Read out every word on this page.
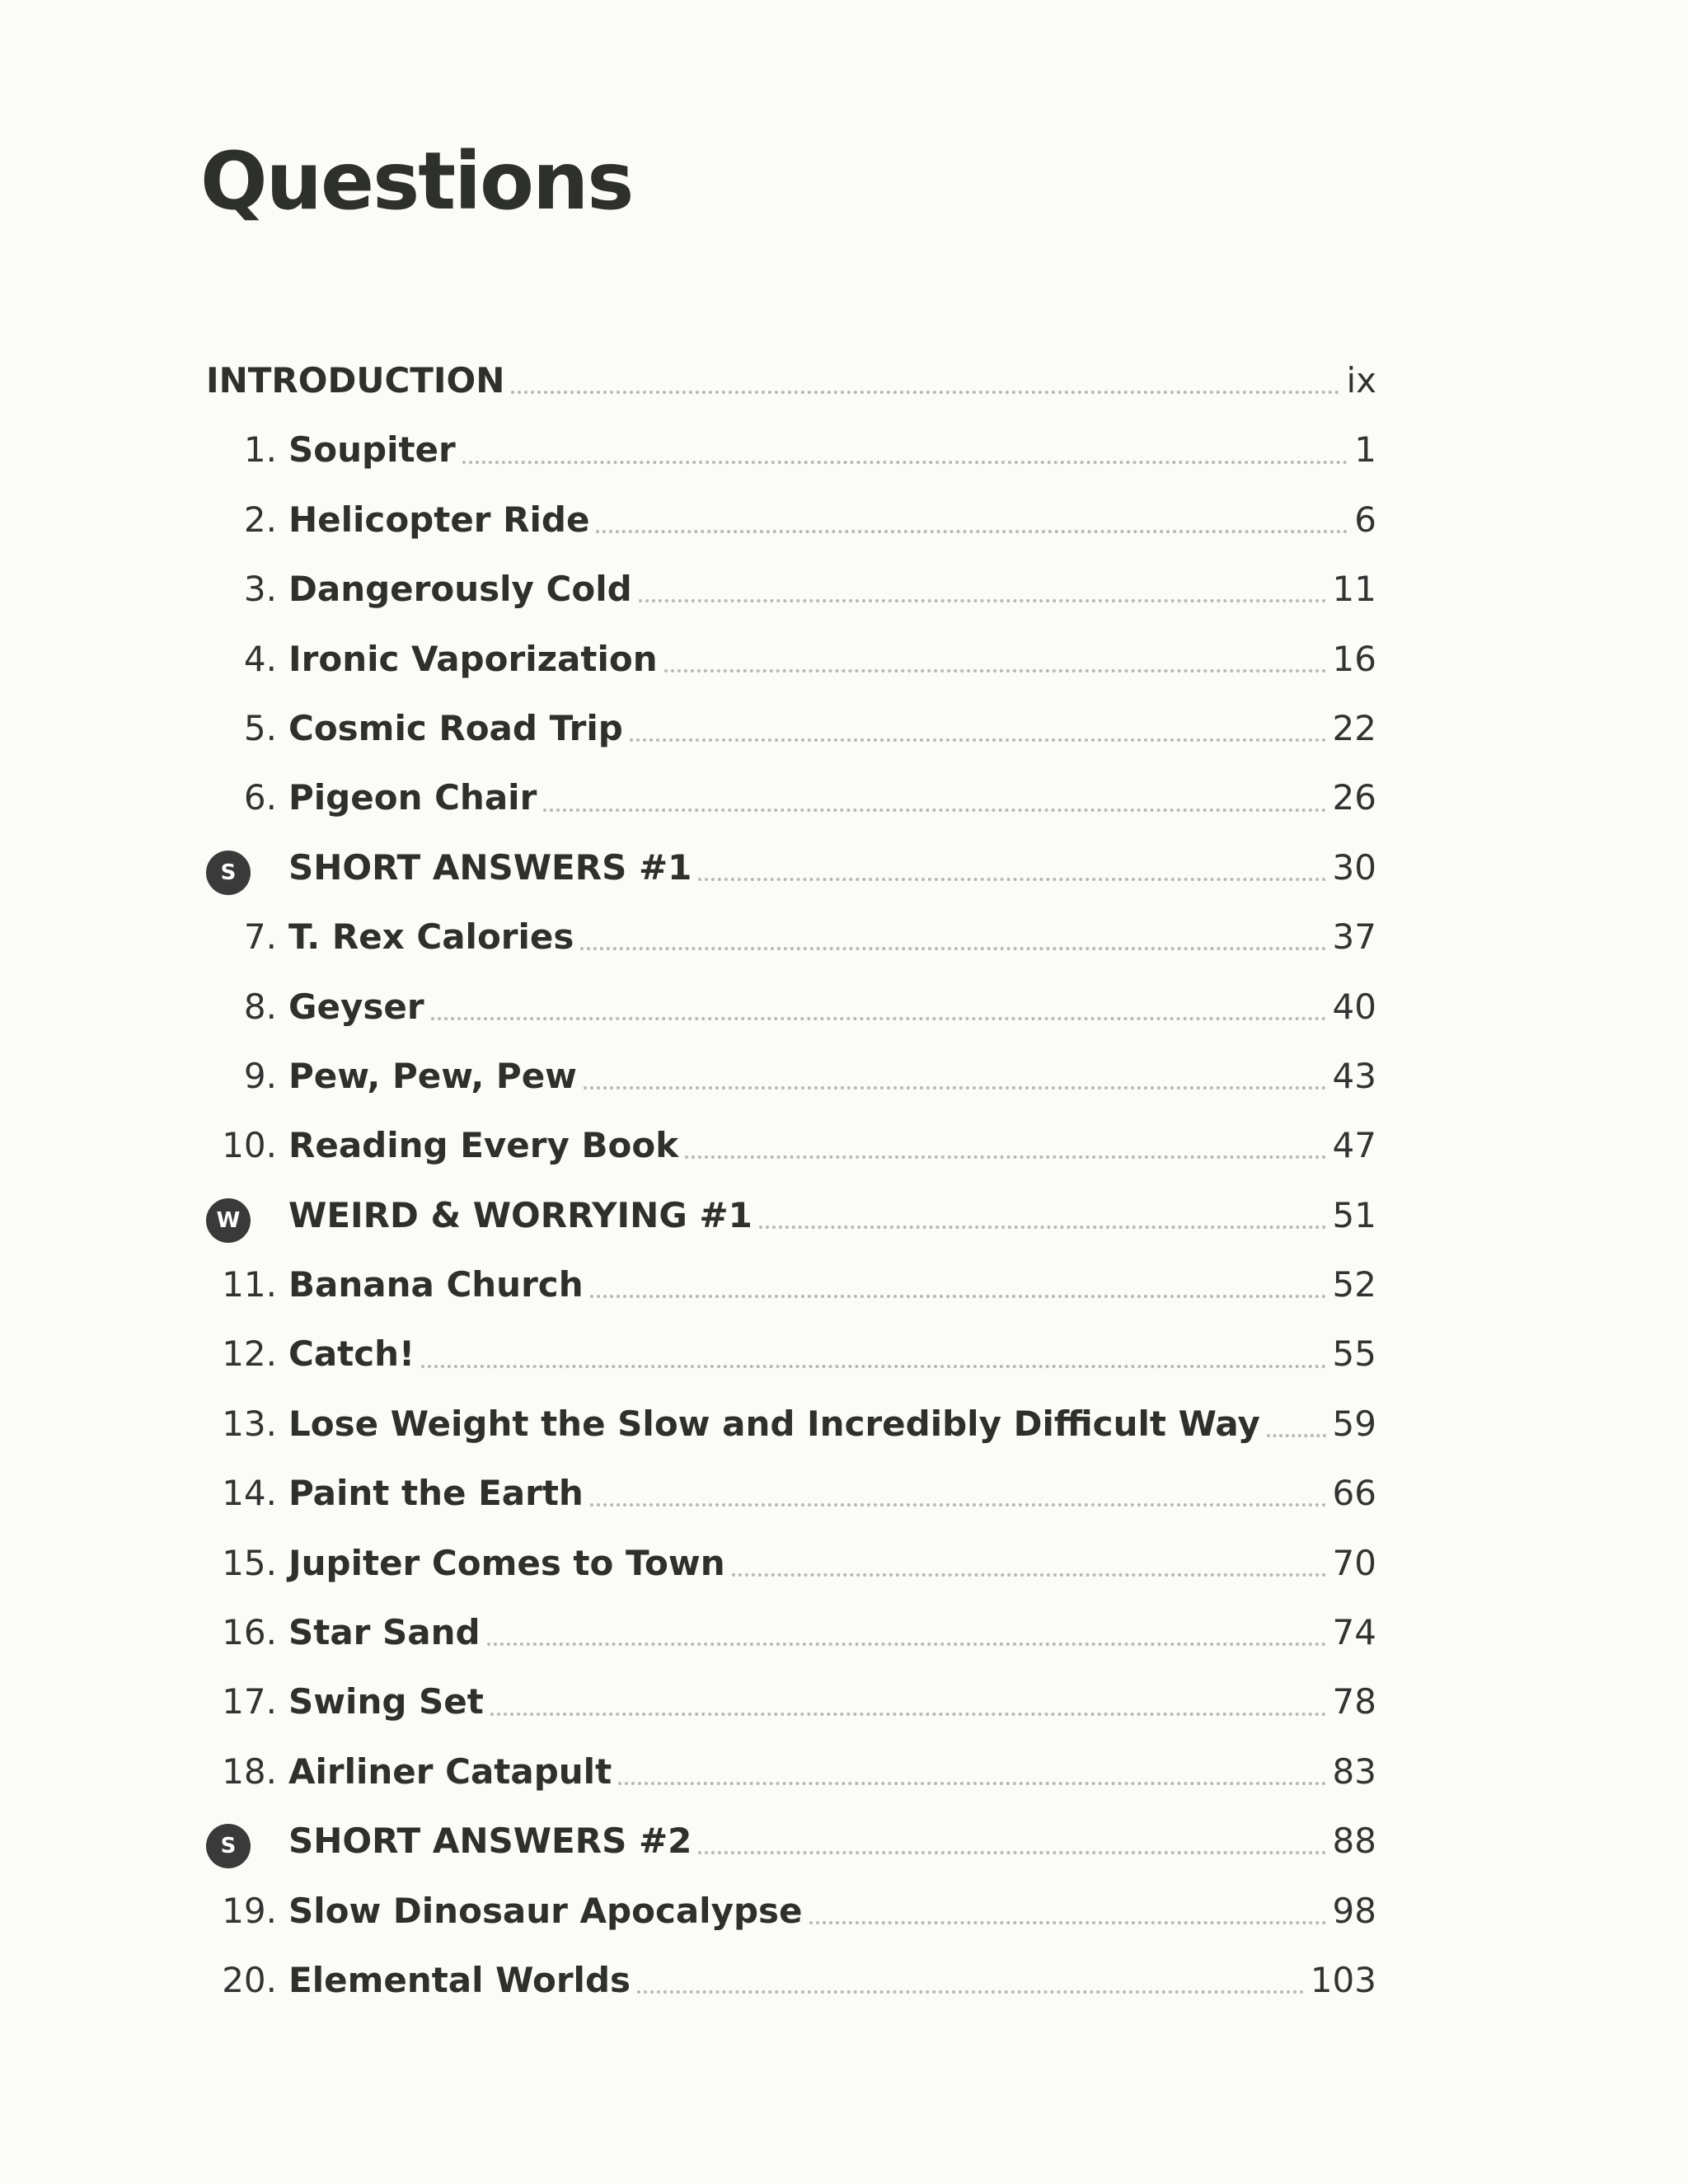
Questions
INTRODUCTION	ix
1. Soupiter	1
2. Helicopter Ride	6
3. Dangerously Cold	11
4. Ironic Vaporization	16
5. Cosmic Road Trip	22
6. Pigeon Chair	26
S	SHORT ANSWERS #1	30
7. T. Rex Calories	37
8. Geyser	40
9. Pew, Pew, Pew	43
10. Reading Every Book	47
W	WEIRD & WORRYING #1	51
11. Banana Church	52
12. Catch!	55
13. Lose Weight the Slow and Incredibly Difficult Way 59
14. Paint the Earth	66
15. Jupiter Comes to Town	70
16. Star Sand	74
17. Swing Set	78
18. Airliner Catapult	83
S	SHORT ANSWERS #2	88
19. Slow Dinosaur Apocalypse	98
20. Elemental Worlds	103
